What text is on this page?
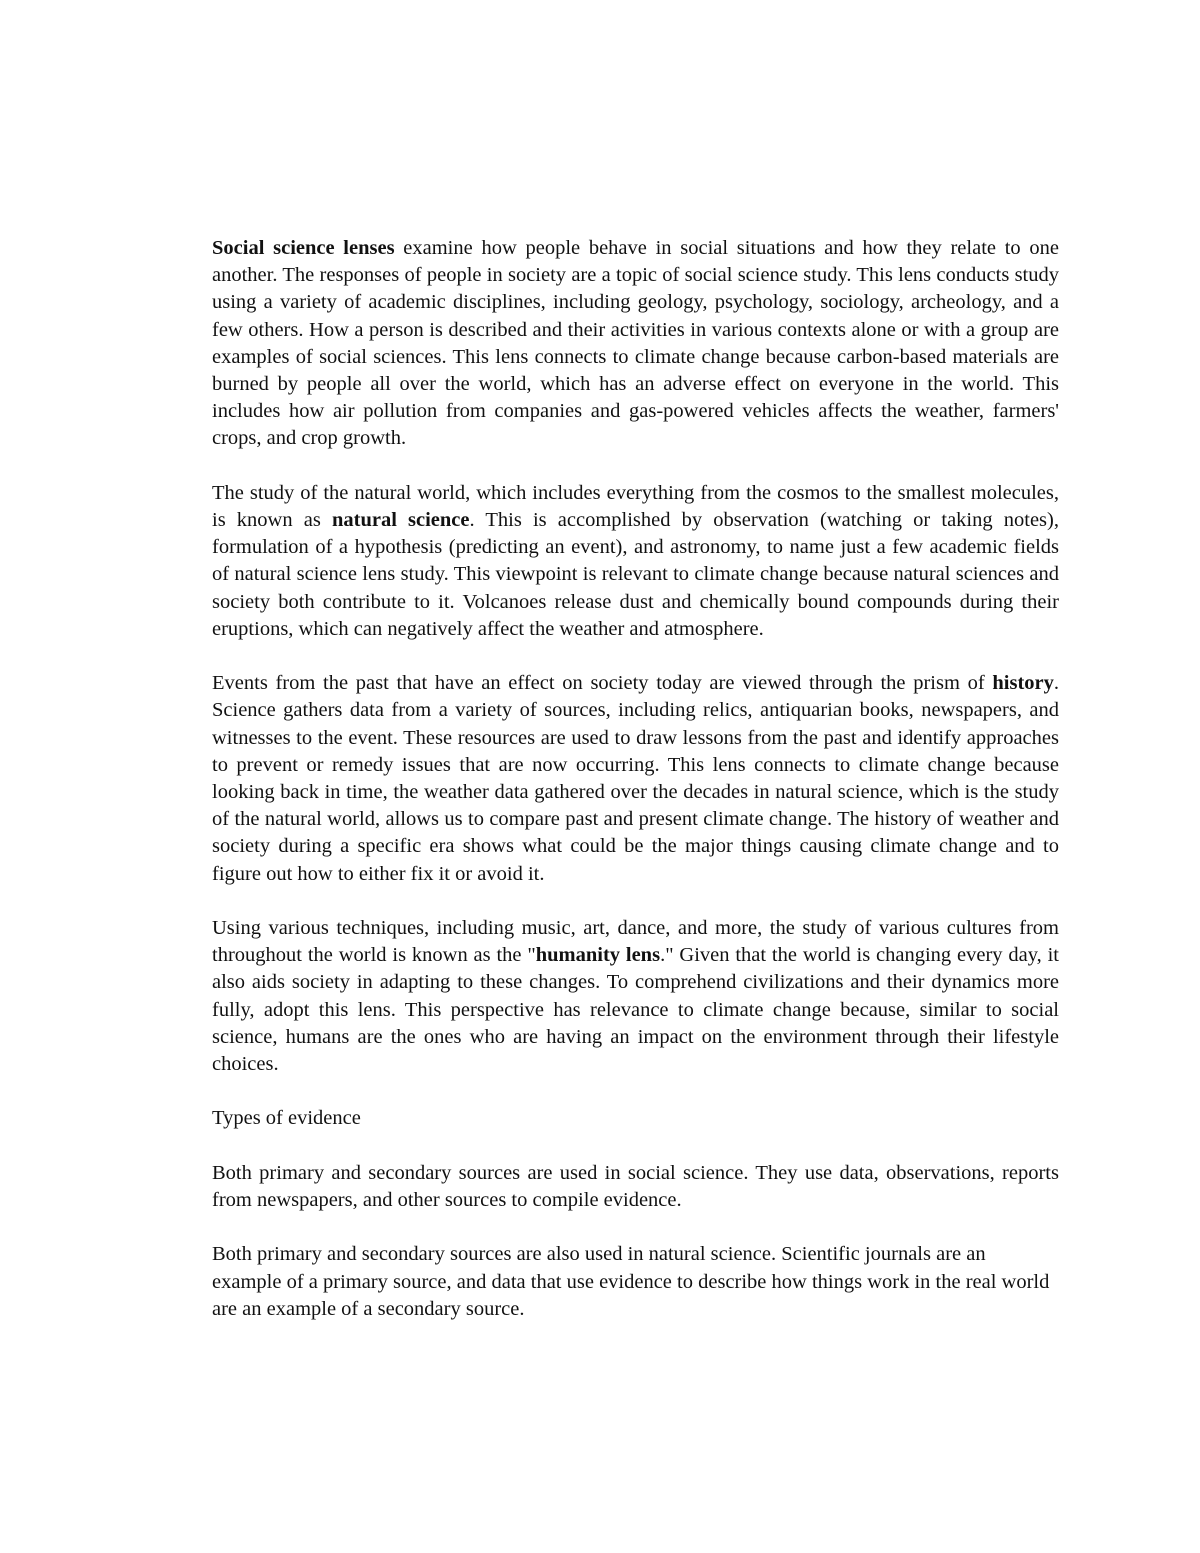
Social science lenses examine how people behave in social situations and how they relate to one another. The responses of people in society are a topic of social science study. This lens conducts study using a variety of academic disciplines, including geology, psychology, sociology, archeology, and a few others. How a person is described and their activities in various contexts alone or with a group are examples of social sciences. This lens connects to climate change because carbon-based materials are burned by people all over the world, which has an adverse effect on everyone in the world. This includes how air pollution from companies and gas-powered vehicles affects the weather, farmers' crops, and crop growth.

The study of the natural world, which includes everything from the cosmos to the smallest molecules, is known as natural science. This is accomplished by observation (watching or taking notes), formulation of a hypothesis (predicting an event), and astronomy, to name just a few academic fields of natural science lens study. This viewpoint is relevant to climate change because natural sciences and society both contribute to it. Volcanoes release dust and chemically bound compounds during their eruptions, which can negatively affect the weather and atmosphere.

Events from the past that have an effect on society today are viewed through the prism of history. Science gathers data from a variety of sources, including relics, antiquarian books, newspapers, and witnesses to the event. These resources are used to draw lessons from the past and identify approaches to prevent or remedy issues that are now occurring. This lens connects to climate change because looking back in time, the weather data gathered over the decades in natural science, which is the study of the natural world, allows us to compare past and present climate change. The history of weather and society during a specific era shows what could be the major things causing climate change and to figure out how to either fix it or avoid it.

Using various techniques, including music, art, dance, and more, the study of various cultures from throughout the world is known as the "humanity lens." Given that the world is changing every day, it also aids society in adapting to these changes. To comprehend civilizations and their dynamics more fully, adopt this lens. This perspective has relevance to climate change because, similar to social science, humans are the ones who are having an impact on the environment through their lifestyle choices.

Types of evidence

Both primary and secondary sources are used in social science. They use data, observations, reports from newspapers, and other sources to compile evidence.

Both primary and secondary sources are also used in natural science. Scientific journals are an example of a primary source, and data that use evidence to describe how things work in the real world are an example of a secondary source.
